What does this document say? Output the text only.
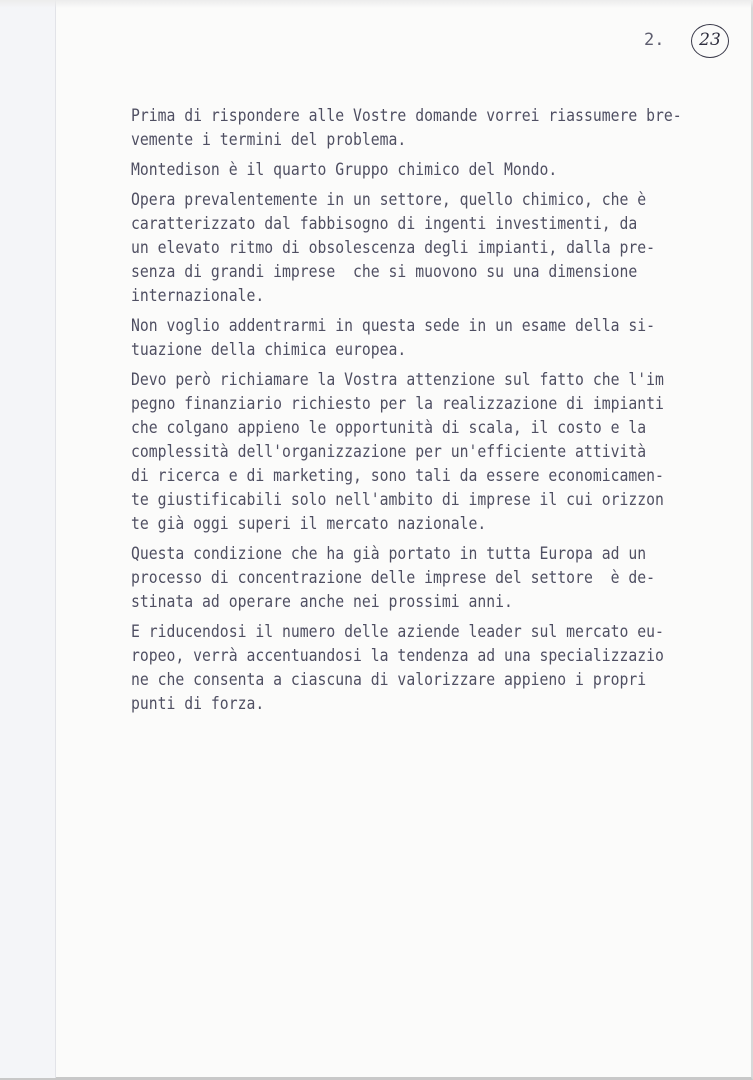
2.	23
Prima di rispondere alle Vostre domande vorrei riassumere bre-
vemente i termini del problema.
Montedison è il quarto Gruppo chimico del Mondo.
Opera prevalentemente in un settore, quello chimico, che è
caratterizzato dal fabbisogno di ingenti investimenti, da
un elevato ritmo di obsolescenza degli impianti, dalla pre-
senza di grandi imprese  che si muovono su una dimensione
internazionale.
Non voglio addentrarmi in questa sede in un esame della si-
tuazione della chimica europea.
Devo però richiamare la Vostra attenzione sul fatto che l'im
pegno finanziario richiesto per la realizzazione di impianti
che colgano appieno le opportunità di scala, il costo e la
complessità dell'organizzazione per un'efficiente attività
di ricerca e di marketing, sono tali da essere economicamen-
te giustificabili solo nell'ambito di imprese il cui orizzon
te già oggi superi il mercato nazionale.
Questa condizione che ha già portato in tutta Europa ad un
processo di concentrazione delle imprese del settore  è de-
stinata ad operare anche nei prossimi anni.
E riducendosi il numero delle aziende leader sul mercato eu-
ropeo, verrà accentuandosi la tendenza ad una specializzazio
ne che consenta a ciascuna di valorizzare appieno i propri
punti di forza.
